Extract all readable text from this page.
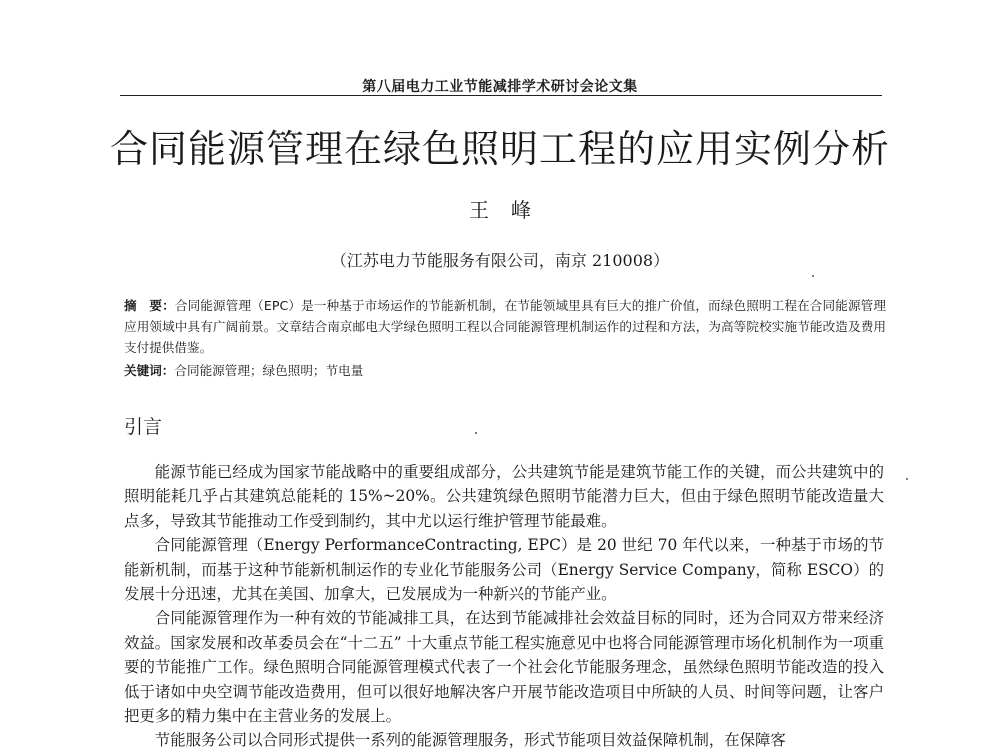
第八届电力工业节能减排学术研讨会论文集
合同能源管理在绿色照明工程的应用实例分析
王峰
（江苏电力节能服务有限公司，南京 210008）
摘　要：合同能源管理（EPC）是一种基于市场运作的节能新机制，在节能领域里具有巨大的推广价值，而绿色照明工程在合同能源管理应用领域中具有广阔前景。文章结合南京邮电大学绿色照明工程以合同能源管理机制运作的过程和方法，为高等院校实施节能改造及费用支付提供借鉴。
关键词：合同能源管理；绿色照明；节电量
引言

能源节能已经成为国家节能战略中的重要组成部分，公共建筑节能是建筑节能工作的关键，而公共建筑中的照明能耗几乎占其建筑总能耗的 15%~20%。公共建筑绿色照明节能潜力巨大，但由于绿色照明节能改造量大点多，导致其节能推动工作受到制约，其中尤以运行维护管理节能最难。

合同能源管理（Energy PerformanceContracting, EPC）是 20 世纪 70 年代以来，一种基于市场的节能新机制，而基于这种节能新机制运作的专业化节能服务公司（Energy Service Company，简称 ESCO）的发展十分迅速，尤其在美国、加拿大，已发展成为一种新兴的节能产业。

合同能源管理作为一种有效的节能减排工具，在达到节能减排社会效益目标的同时，还为合同双方带来经济效益。国家发展和改革委员会在“十二五” 十大重点节能工程实施意见中也将合同能源管理市场化机制作为一项重要的节能推广工作。绿色照明合同能源管理模式代表了一个社会化节能服务理念，虽然绿色照明节能改造的投入低于诸如中央空调节能改造费用，但可以很好地解决客户开展节能改造项目中所缺的人员、时间等问题，让客户把更多的精力集中在主营业务的发展上。

节能服务公司以合同形式提供一系列的能源管理服务，形式节能项目效益保障机制，在保障客
